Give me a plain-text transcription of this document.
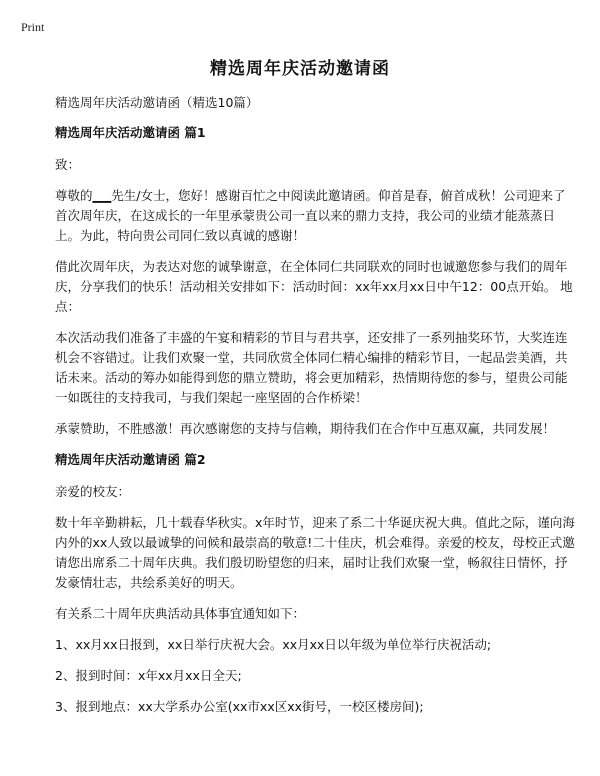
Print
精选周年庆活动邀请函

精选周年庆活动邀请函（精选10篇）

精选周年庆活动邀请函 篇1

致：

尊敬的___先生/女士，您好！感谢百忙之中阅读此邀请函。仰首是春，俯首成秋！公司迎来了首次周年庆，在这成长的一年里承蒙贵公司一直以来的鼎力支持，我公司的业绩才能蒸蒸日上。为此，特向贵公司同仁致以真诚的感谢！

借此次周年庆，为表达对您的诚挚谢意，在全体同仁共同联欢的同时也诚邀您参与我们的周年庆，分享我们的快乐！活动相关安排如下：活动时间：xx年xx月xx日中午12：00点开始。 地点：

本次活动我们准备了丰盛的午宴和精彩的节目与君共享，还安排了一系列抽奖环节，大奖连连机会不容错过。让我们欢聚一堂，共同欣赏全体同仁精心编排的精彩节目，一起品尝美酒，共话未来。活动的筹办如能得到您的鼎立赞助，将会更加精彩，热情期待您的参与，望贵公司能一如既往的支持我司，与我们架起一座坚固的合作桥梁！

承蒙赞助，不胜感激！再次感谢您的支持与信赖，期待我们在合作中互惠双赢，共同发展！

精选周年庆活动邀请函 篇2

亲爱的校友：

数十年辛勤耕耘，几十载春华秋实。x年时节，迎来了系二十华诞庆祝大典。值此之际，谨向海内外的xx人致以最诚挚的问候和最崇高的敬意!二十佳庆，机会难得。亲爱的校友，母校正式邀请您出席系二十周年庆典。我们殷切盼望您的归来，届时让我们欢聚一堂，畅叙往日情怀，抒发豪情壮志，共绘系美好的明天。

有关系二十周年庆典活动具体事宜通知如下：

1、xx月xx日报到，xx日举行庆祝大会。xx月xx日以年级为单位举行庆祝活动;

2、报到时间：x年xx月xx日全天;

3、报到地点：xx大学系办公室(xx市xx区xx街号，一校区楼房间);
